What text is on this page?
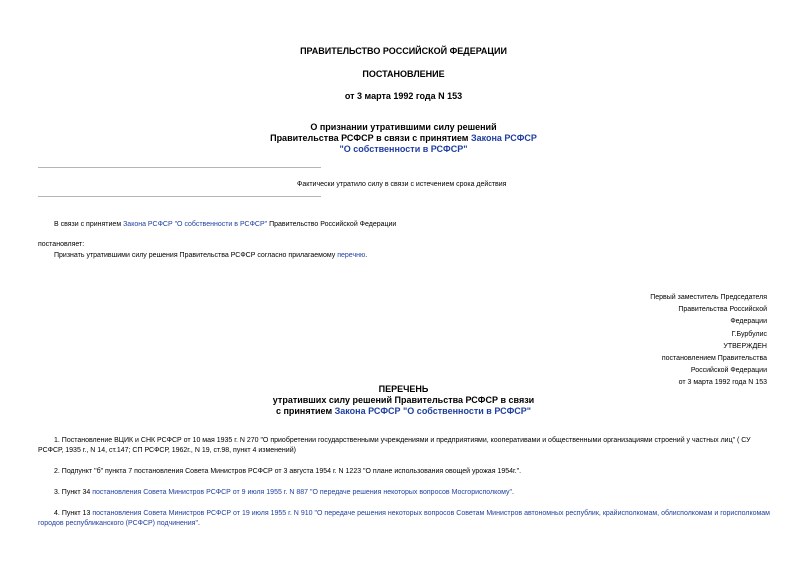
ПРАВИТЕЛЬСТВО РОССИЙСКОЙ ФЕДЕРАЦИИ
ПОСТАНОВЛЕНИЕ
от 3 марта 1992 года N 153
О признании утратившими силу решений
Правительства РСФСР в связи с принятием Закона РСФСР
"О собственности в РСФСР"
Фактически утратило силу в связи с истечением срока действия
В связи с принятием Закона РСФСР "О собственности в РСФСР" Правительство Российской Федерации
постановляет:
Признать утратившими силу решения Правительства РСФСР согласно прилагаемому перечню.
Первый заместитель Председателя
Правительства Российской
Федерации
Г.Бурбулис
УТВЕРЖДЕН
постановлением Правительства
Российской Федерации
от 3 марта 1992 года N 153
ПЕРЕЧЕНЬ
утративших силу решений Правительства РСФСР в связи
с принятием Закона РСФСР "О собственности в РСФСР"
1. Постановление ВЦИК и СНК РСФСР от 10 мая 1935 г. N 270 "О приобретении государственными учреждениями и предприятиями, кооперативами и общественными организациями строений у частных лиц" ( СУ
РСФСР, 1935 г., N 14, ст.147; СП РСФСР, 1962г., N 19, ст.98, пункт 4 изменений)
2. Подпункт "б" пункта 7 постановления Совета Министров РСФСР от 3 августа 1954 г. N 1223 "О плане использования овощей урожая 1954г.".
3. Пункт 34 постановления Совета Министров РСФСР от 9 июля 1955 г. N 887 "О передаче решения некоторых вопросов Мосгорисполкому".
4. Пункт 13 постановления Совета Министров РСФСР от 19 июля 1955 г. N 910 "О передаче решения некоторых вопросов Советам Министров автономных республик, крайисполкомам, облисполкомам и горисполкомам городов республиканского (РСФСР) подчинения".
